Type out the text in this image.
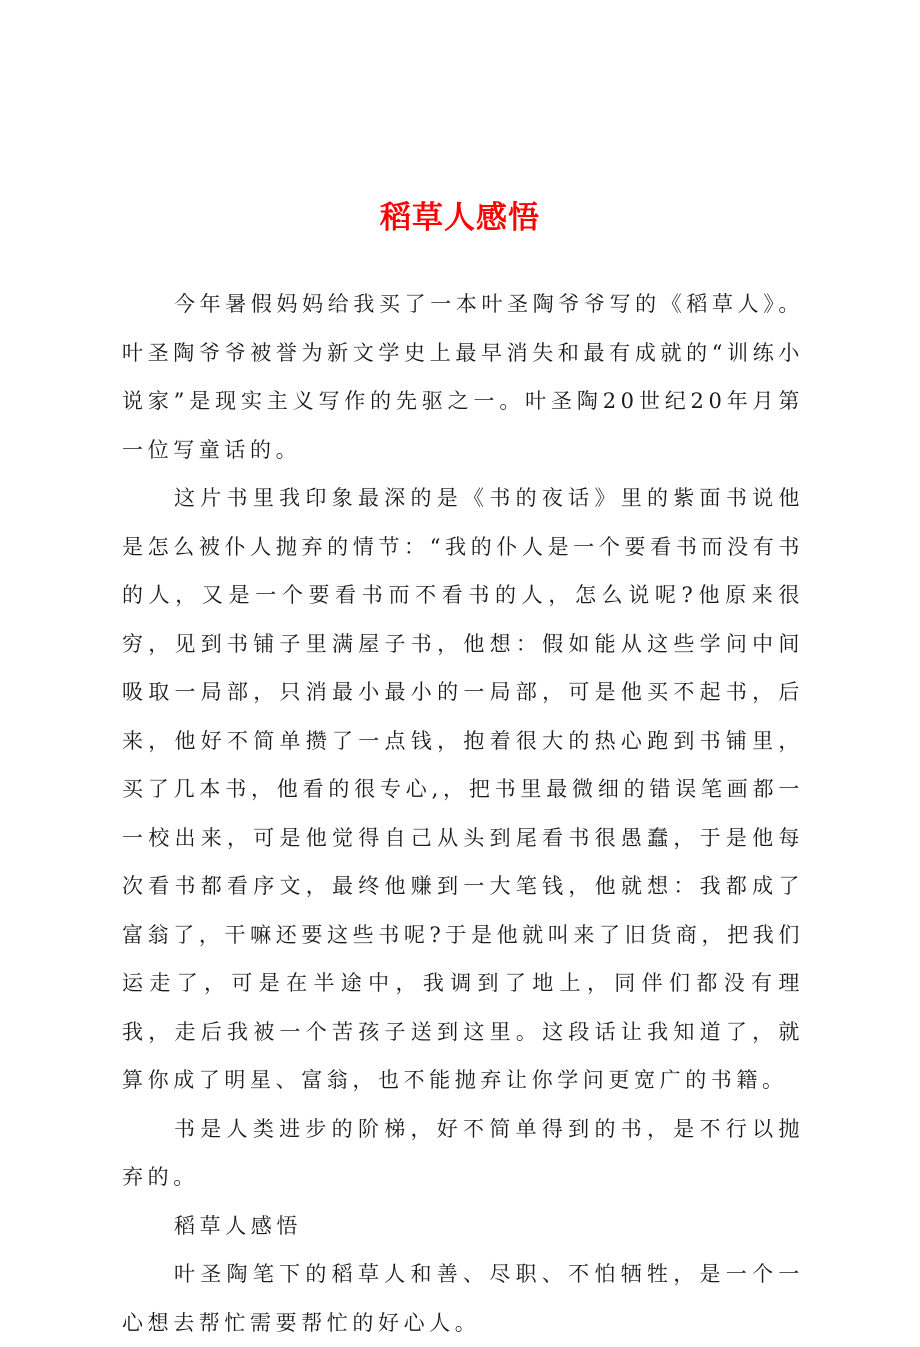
稻草人感悟

今年暑假妈妈给我买了一本叶圣陶爷爷写的《稻草人》。叶圣陶爷爷被誉为新文学史上最早消失和最有成就的“训练小说家”是现实主义写作的先驱之一。叶圣陶20世纪20年月第一位写童话的。

这片书里我印象最深的是《书的夜话》里的紫面书说他是怎么被仆人抛弃的情节：“我的仆人是一个要看书而没有书的人，又是一个要看书而不看书的人，怎么说呢?他原来很穷，见到书铺子里满屋子书，他想：假如能从这些学问中间吸取一局部，只消最小最小的一局部，可是他买不起书，后来，他好不简单攒了一点钱，抱着很大的热心跑到书铺里，买了几本书，他看的很专心,，把书里最微细的错误笔画都一一校出来，可是他觉得自己从头到尾看书很愚蠢，于是他每次看书都看序文，最终他赚到一大笔钱，他就想：我都成了富翁了，干嘛还要这些书呢?于是他就叫来了旧货商，把我们运走了，可是在半途中，我调到了地上，同伴们都没有理我，走后我被一个苦孩子送到这里。这段话让我知道了，就算你成了明星、富翁，也不能抛弃让你学问更宽广的书籍。

书是人类进步的阶梯，好不简单得到的书，是不行以抛弃的。

稻草人感悟

叶圣陶笔下的稻草人和善、尽职、不怕牺牲，是一个一心想去帮忙需要帮忙的好心人。
